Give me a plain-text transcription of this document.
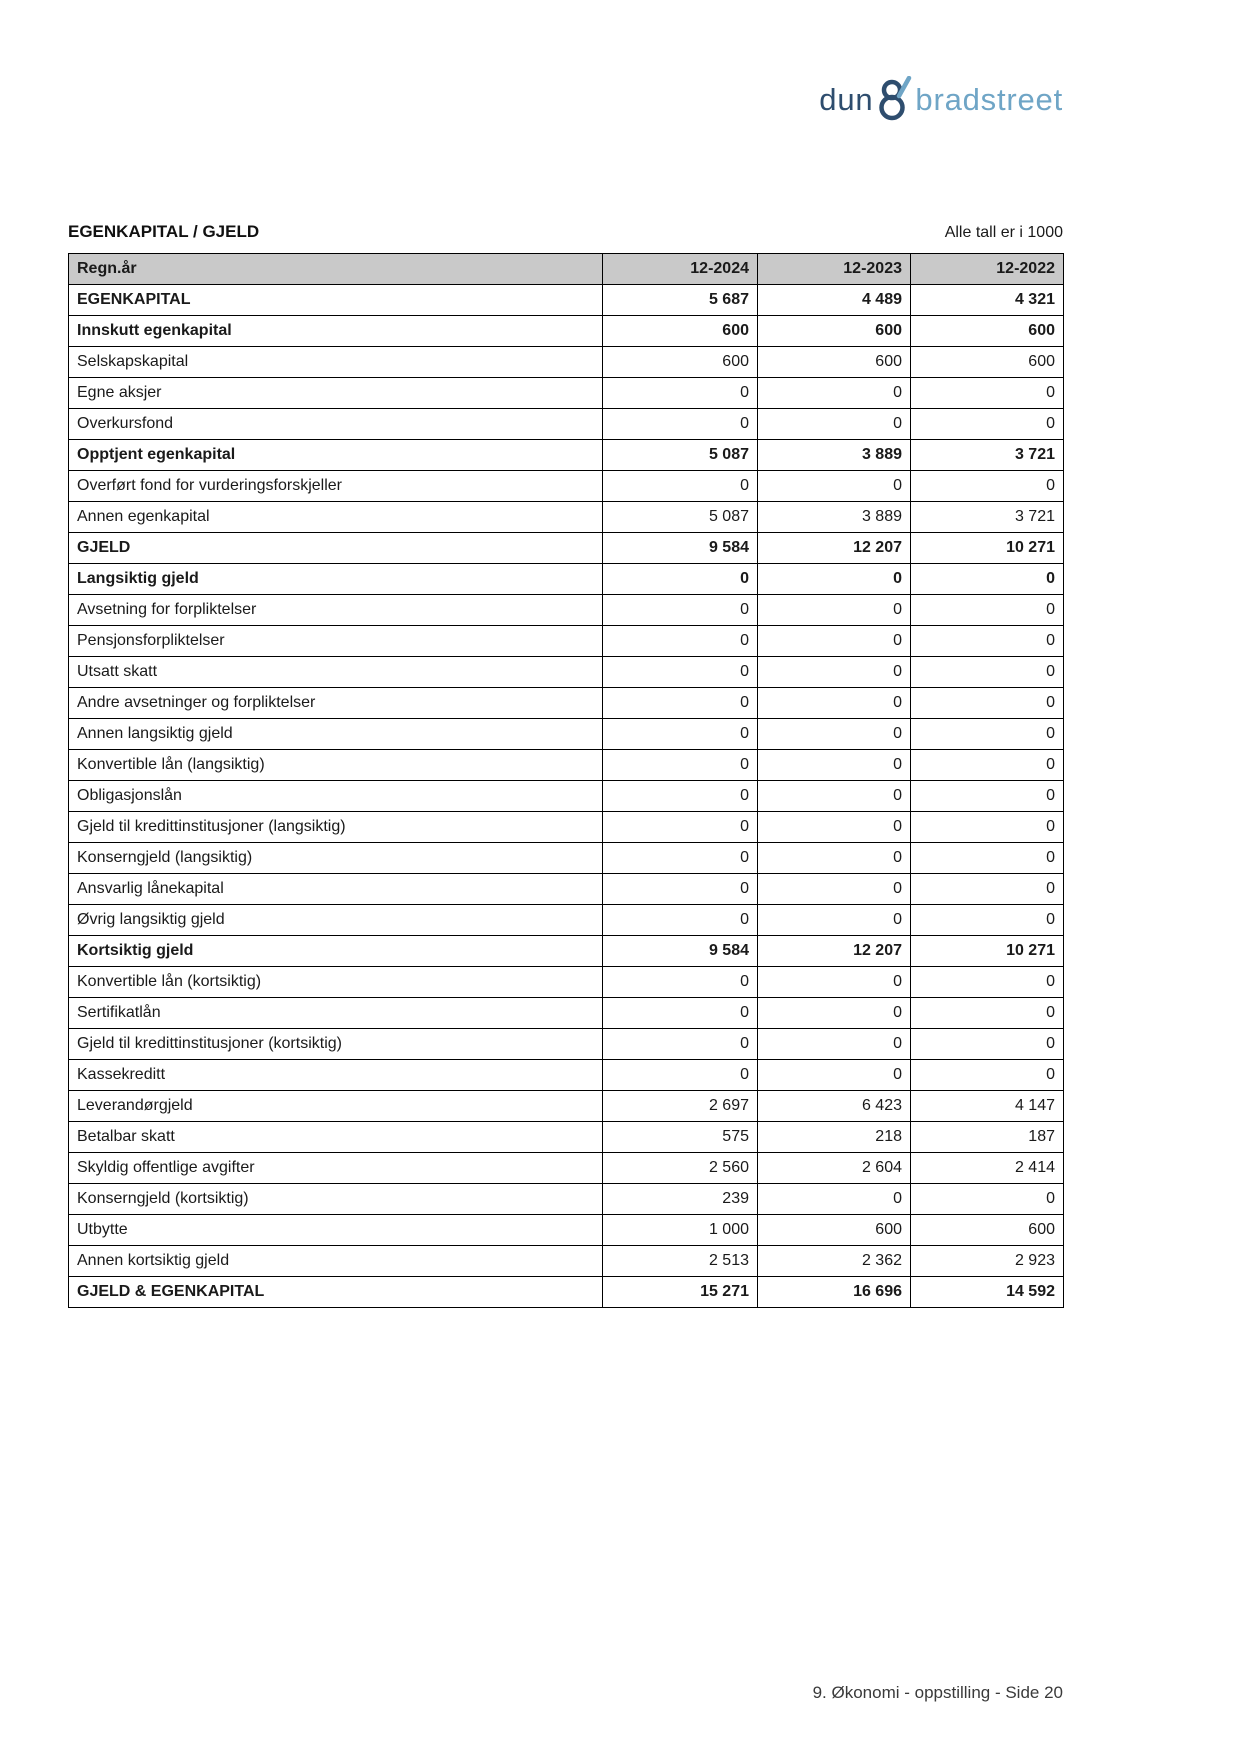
dun bradstreet
EGENKAPITAL / GJELD	Alle tall er i 1000
Regn.år	12-2024	12-2023	12-2022
EGENKAPITAL	5 687	4 489	4 321
Innskutt egenkapital	600	600	600
Selskapskapital	600	600	600
Egne aksjer	0	0	0
Overkursfond	0	0	0
Opptjent egenkapital	5 087	3 889	3 721
Overført fond for vurderingsforskjeller	0	0	0
Annen egenkapital	5 087	3 889	3 721
GJELD	9 584	12 207	10 271
Langsiktig gjeld	0	0	0
Avsetning for forpliktelser	0	0	0
Pensjonsforpliktelser	0	0	0
Utsatt skatt	0	0	0
Andre avsetninger og forpliktelser	0	0	0
Annen langsiktig gjeld	0	0	0
Konvertible lån (langsiktig)	0	0	0
Obligasjonslån	0	0	0
Gjeld til kredittinstitusjoner (langsiktig)	0	0	0
Konserngjeld (langsiktig)	0	0	0
Ansvarlig lånekapital	0	0	0
Øvrig langsiktig gjeld	0	0	0
Kortsiktig gjeld	9 584	12 207	10 271
Konvertible lån (kortsiktig)	0	0	0
Sertifikatlån	0	0	0
Gjeld til kredittinstitusjoner (kortsiktig)	0	0	0
Kassekreditt	0	0	0
Leverandørgjeld	2 697	6 423	4 147
Betalbar skatt	575	218	187
Skyldig offentlige avgifter	2 560	2 604	2 414
Konserngjeld (kortsiktig)	239	0	0
Utbytte	1 000	600	600
Annen kortsiktig gjeld	2 513	2 362	2 923
GJELD & EGENKAPITAL	15 271	16 696	14 592
9. Økonomi - oppstilling - Side 20
